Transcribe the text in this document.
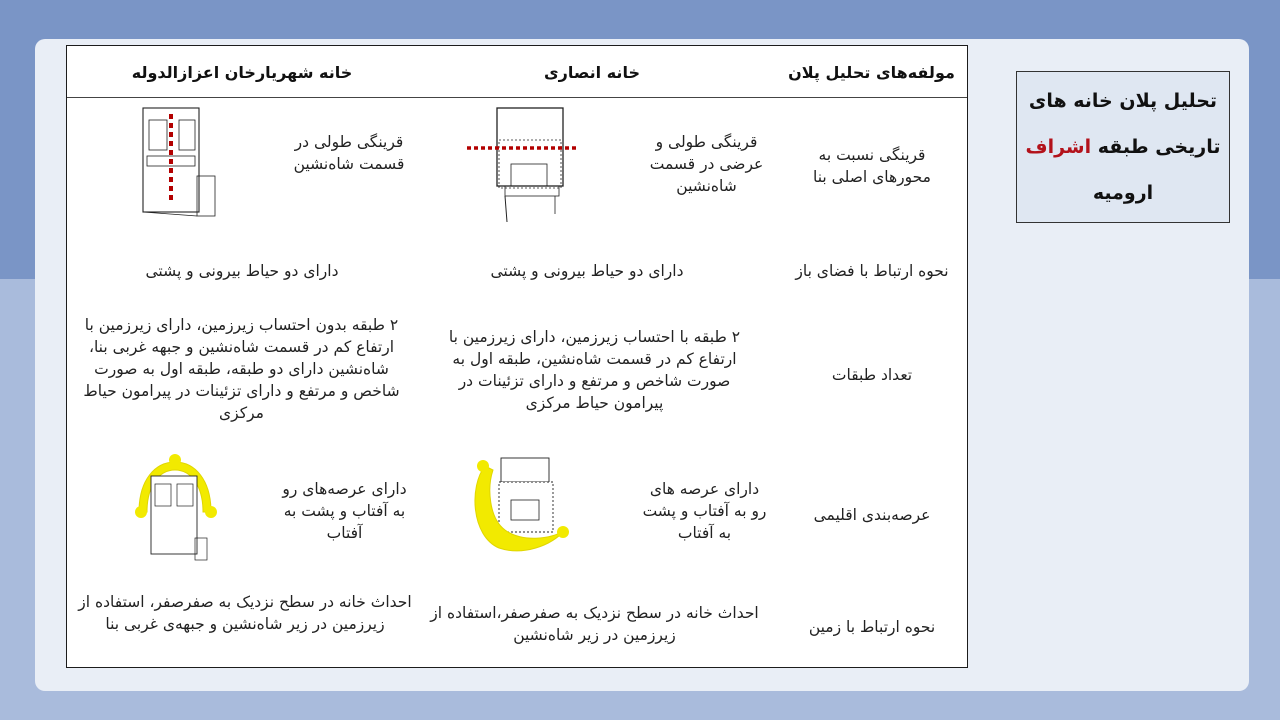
مولفه‌های تحلیل پلان
خانه انصاری
خانه شهریارخان اعزازالدوله
قرینگی نسبت به محورهای اصلی بنا
قرینگی طولی و عرضی در قسمت شاه‌نشین
قرینگی طولی در قسمت شاه‌نشین
نحوه ارتباط با فضای باز
دارای دو حیاط بیرونی و پشتی
دارای دو حیاط بیرونی و پشتی
تعداد طبقات
۲ طبقه با احتساب زیرزمین، دارای زیرزمین با ارتفاع کم در قسمت شاه‌نشین، طبقه اول به صورت شاخص و مرتفع و دارای تزئینات در پیرامون حیاط مرکزی
۲ طبقه بدون احتساب زیرزمین، دارای زیرزمین با ارتفاع کم در قسمت شاه‌نشین و جبهه غربی بنا، شاه‌نشین دارای دو طبقه، طبقه اول به صورت شاخص و مرتفع و دارای تزئینات در پیرامون حیاط مرکزی
عرصه‌بندی اقلیمی
دارای عرصه های رو به آفتاب و پشت به آفتاب
دارای عرصه‌های رو به آفتاب و پشت به آفتاب
نحوه ارتباط با زمین
احداث خانه در سطح نزدیک به صفرصفر،استفاده از زیرزمین در زیر شاه‌نشین
احداث خانه در سطح نزدیک به صفرصفر، استفاده از زیرزمین در زیر شاه‌نشین و جبهه‌ی غربی بنا
تحلیل پلان خانه های
تاریخی طبقه اشراف
ارومیه
